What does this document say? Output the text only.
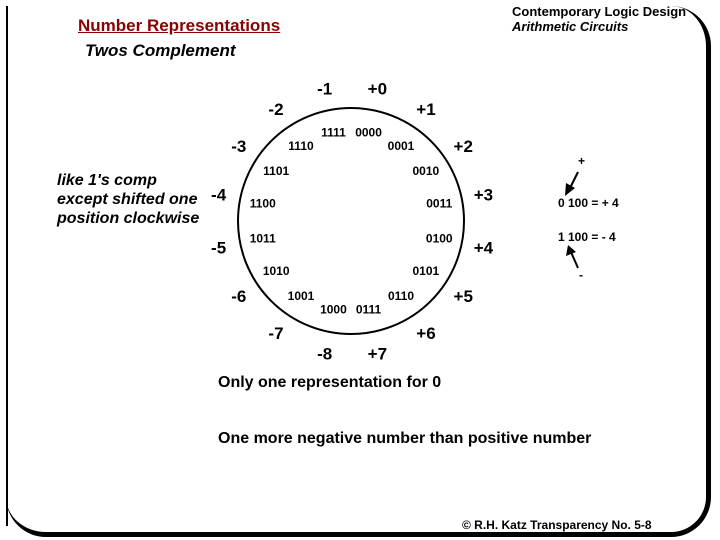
Number Representations
Twos Complement
Contemporary Logic Design
Arithmetic Circuits
like 1's comp except shifted one position clockwise
0000
+0
0001
+1
0010
+2
0011 +3
0100 +4
0101
+5
0110
+6
0111
+7
1000
-8
1001
-7
1010
-6
1011
-5
1100
-4
1101
-3	1110
-2
1111
-1
+
-
0 100 = + 4
1 100 = - 4
Only one representation for 0
One more negative number than positive number
© R.H. Katz Transparency No. 5-8
